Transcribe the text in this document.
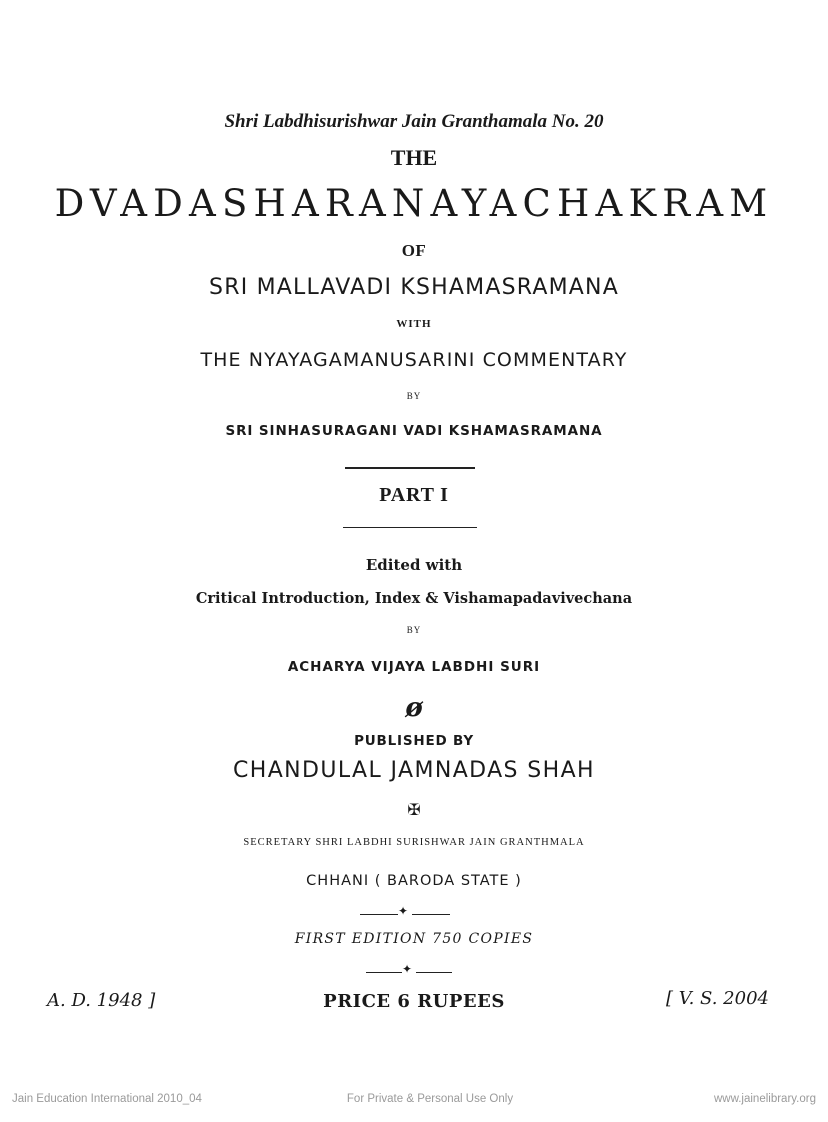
Shri Labdhisurishwar Jain Granthamala No. 20
THE
DVADASHARANAYACHAKRAM
OF
SRI MALLAVADI KSHAMASRAMANA
WITH
THE NYAYAGAMANUSARINI COMMENTARY
BY
SRI SINHASURAGANI VADI KSHAMASRAMANA
PART I
Edited with
Critical Introduction, Index & Vishamapadavivechana
BY
ACHARYA VIJAYA LABDHI SURI
ø
PUBLISHED BY
CHANDULAL JAMNADAS SHAH
✠
SECRETARY SHRI LABDHI SURISHWAR JAIN GRANTHMALA
CHHANI ( BARODA STATE )
✦
FIRST EDITION 750 COPIES
✦
A. D. 1948 ]	PRICE 6 RUPEES	[ V. S. 2004
Jain Education International 2010_04	For Private & Personal Use Only	www.jainelibrary.org
